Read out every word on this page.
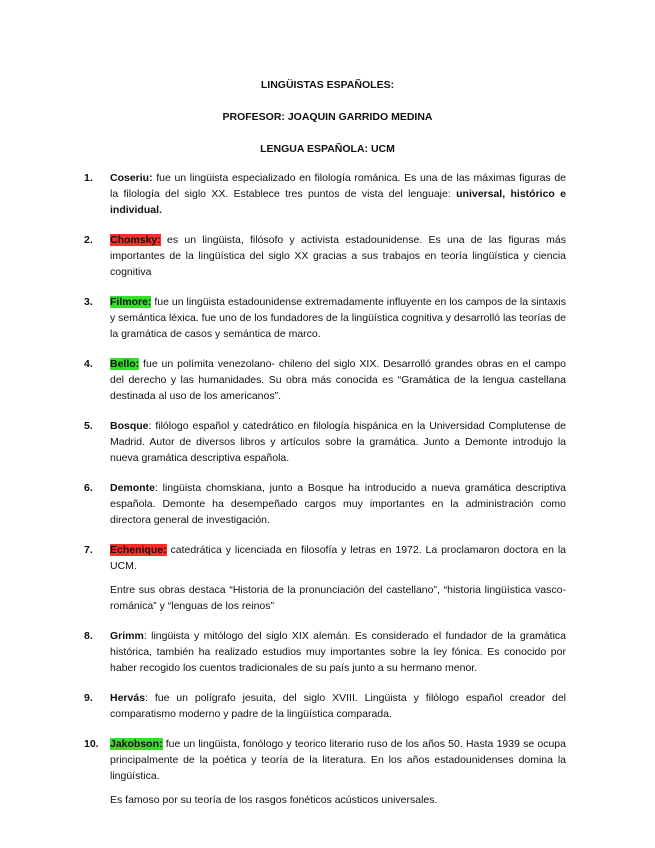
LINGÜISTAS ESPAÑOLES:
PROFESOR: JOAQUIN GARRIDO MEDINA
LENGUA ESPAÑOLA: UCM
1. Coseriu: fue un lingüista especializado en filología románica. Es una de las máximas figuras de la filología del siglo XX. Establece tres puntos de vista del lenguaje: universal, histórico e individual.
2. Chomsky: es un lingüista, filósofo y activista estadounidense. Es una de las figuras más importantes de la lingüística del siglo XX gracias a sus trabajos en teoría lingüística y ciencia cognitiva
3. Filmore: fue un lingüista estadounidense extremadamente influyente en los campos de la sintaxis y semántica léxica. fue uno de los fundadores de la lingüística cognitiva y desarrolló las teorías de la gramática de casos y semántica de marco.
4. Bello: fue un polímita venezolano- chileno del siglo XIX. Desarrolló grandes obras en el campo del derecho y las humanidades. Su obra más conocida es “Gramática de la lengua castellana destinada al uso de los americanos”.
5. Bosque: filólogo español y catedrático en filología hispánica en la Universidad Complutense de Madrid. Autor de diversos libros y artículos sobre la gramática. Junto a Demonte introdujo la nueva gramática descriptiva española.
6. Demonte: lingüista chomskiana, junto a Bosque ha introducido a nueva gramática descriptiva española. Demonte ha desempeñado cargos muy importantes en la administración como directora general de investigación.
7. Echenique: catedrática y licenciada en filosofía y letras en 1972. La proclamaron doctora en la UCM.
Entre sus obras destaca “Historia de la pronunciación del castellano”, “historia lingüística vasco-románica” y “lenguas de los reinos”
8. Grimm: lingüista y mitólogo del siglo XIX alemán. Es considerado el fundador de la gramática histórica, también ha realizado estudios muy importantes sobre la ley fónica. Es conocido por haber recogido los cuentos tradicionales de su país junto a su hermano menor.
9. Hervás: fue un polígrafo jesuita, del siglo XVIII. Lingüista y filólogo español creador del comparatismo moderno y padre de la lingüística comparada.
10. Jakobson: fue un lingüista, fonólogo y teorico literario ruso de los años 50. Hasta 1939 se ocupa principalmente de la poética y teoría de la literatura. En los años estadounidenses domina la lingüística.
Es famoso por su teoría de los rasgos fonéticos acústicos universales.
